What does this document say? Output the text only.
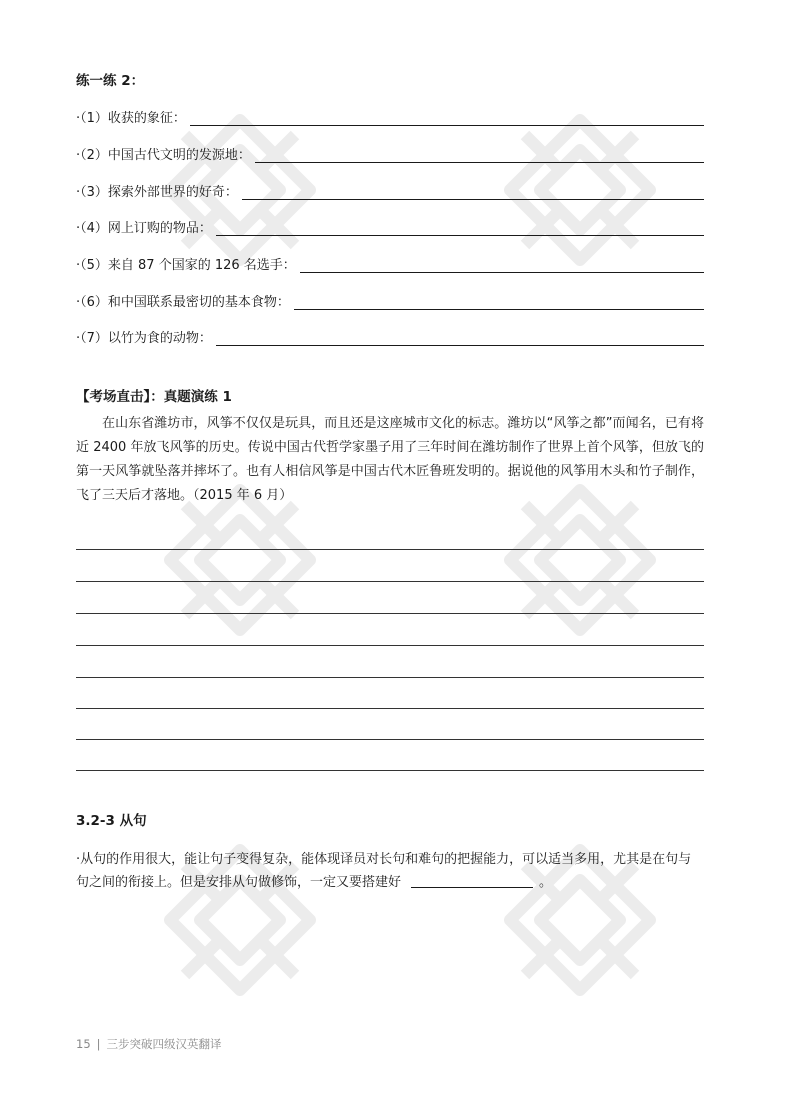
练一练 2：
·（1）收获的象征：
·（2）中国古代文明的发源地：
·（3）探索外部世界的好奇：
·（4）网上订购的物品：
·（5）来自 87 个国家的 126 名选手：
·（6）和中国联系最密切的基本食物：
·（7）以竹为食的动物：
【考场直击】：真题演练 1
在山东省潍坊市，风筝不仅仅是玩具，而且还是这座城市文化的标志。潍坊以“风筝之都”而闻名，已有将近 2400 年放飞风筝的历史。传说中国古代哲学家墨子用了三年时间在潍坊制作了世界上首个风筝，但放飞的第一天风筝就坠落并摔坏了。也有人相信风筝是中国古代木匠鲁班发明的。据说他的风筝用木头和竹子制作，飞了三天后才落地。（2015 年 6 月）
3.2-3 从句
·从句的作用很大，能让句子变得复杂，能体现译员对长句和难句的把握能力，可以适当多用，尤其是在句与句之间的衔接上。但是安排从句做修饰，一定又要搭建好	。
15 | 三步突破四级汉英翻译
